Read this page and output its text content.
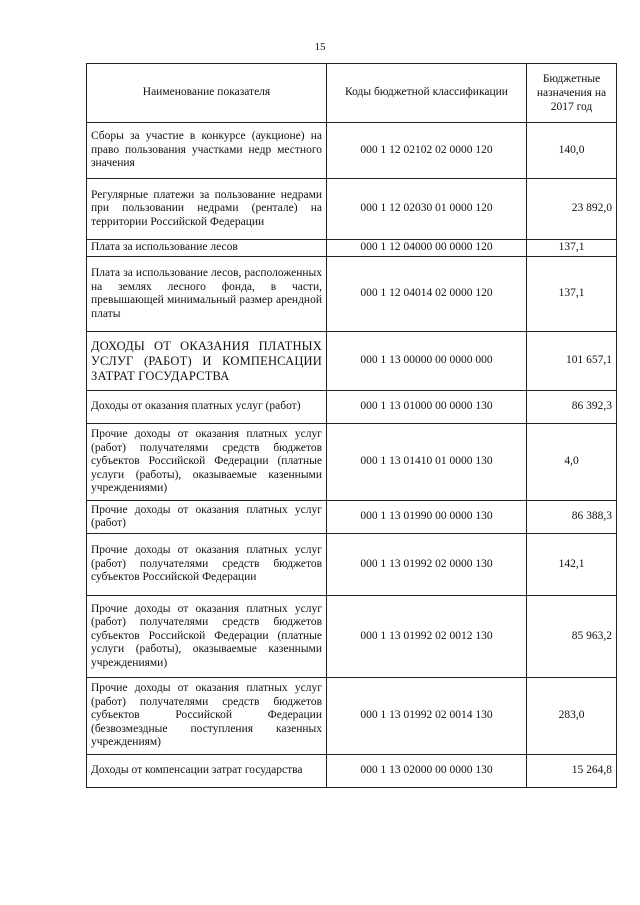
15
Наименование показателя	Коды бюджетной классификации	Бюджетные назначения на 2017 год
Сборы за участие в конкурсе (аукционе) на право пользования участками недр местного значения	000 1 12 02102 02 0000 120	140,0
Регулярные платежи за пользование недрами при пользовании недрами (рентале) на территории Российской Федерации	000 1 12 02030 01 0000 120	23 892,0
Плата за использование лесов	000 1 12 04000 00 0000 120	137,1
Плата за использование лесов, расположенных на землях лесного фонда, в части, превышающей минимальный размер арендной платы	000 1 12 04014 02 0000 120	137,1
ДОХОДЫ ОТ ОКАЗАНИЯ ПЛАТНЫХ УСЛУГ (РАБОТ) И КОМПЕНСАЦИИ ЗАТРАТ ГОСУДАРСТВА	000 1 13 00000 00 0000 000	101 657,1
Доходы от оказания платных услуг (работ)	000 1 13 01000 00 0000 130	86 392,3
Прочие доходы от оказания платных услуг (работ) получателями средств бюджетов субъектов Российской Федерации (платные услуги (работы), оказываемые казенными учреждениями)	000 1 13 01410 01 0000 130	4,0
Прочие доходы от оказания платных услуг (работ)	000 1 13 01990 00 0000 130	86 388,3
Прочие доходы от оказания платных услуг (работ) получателями средств бюджетов субъектов Российской Федерации	000 1 13 01992 02 0000 130	142,1
Прочие доходы от оказания платных услуг (работ) получателями средств бюджетов субъектов Российской Федерации (платные услуги (работы), оказываемые казенными учреждениями)	000 1 13 01992 02 0012 130	85 963,2
Прочие доходы от оказания платных услуг (работ) получателями средств бюджетов субъектов Российской Федерации (безвозмездные поступления казенных учреждениям)	000 1 13 01992 02 0014 130	283,0
Доходы от компенсации затрат государства	000 1 13 02000 00 0000 130	15 264,8
